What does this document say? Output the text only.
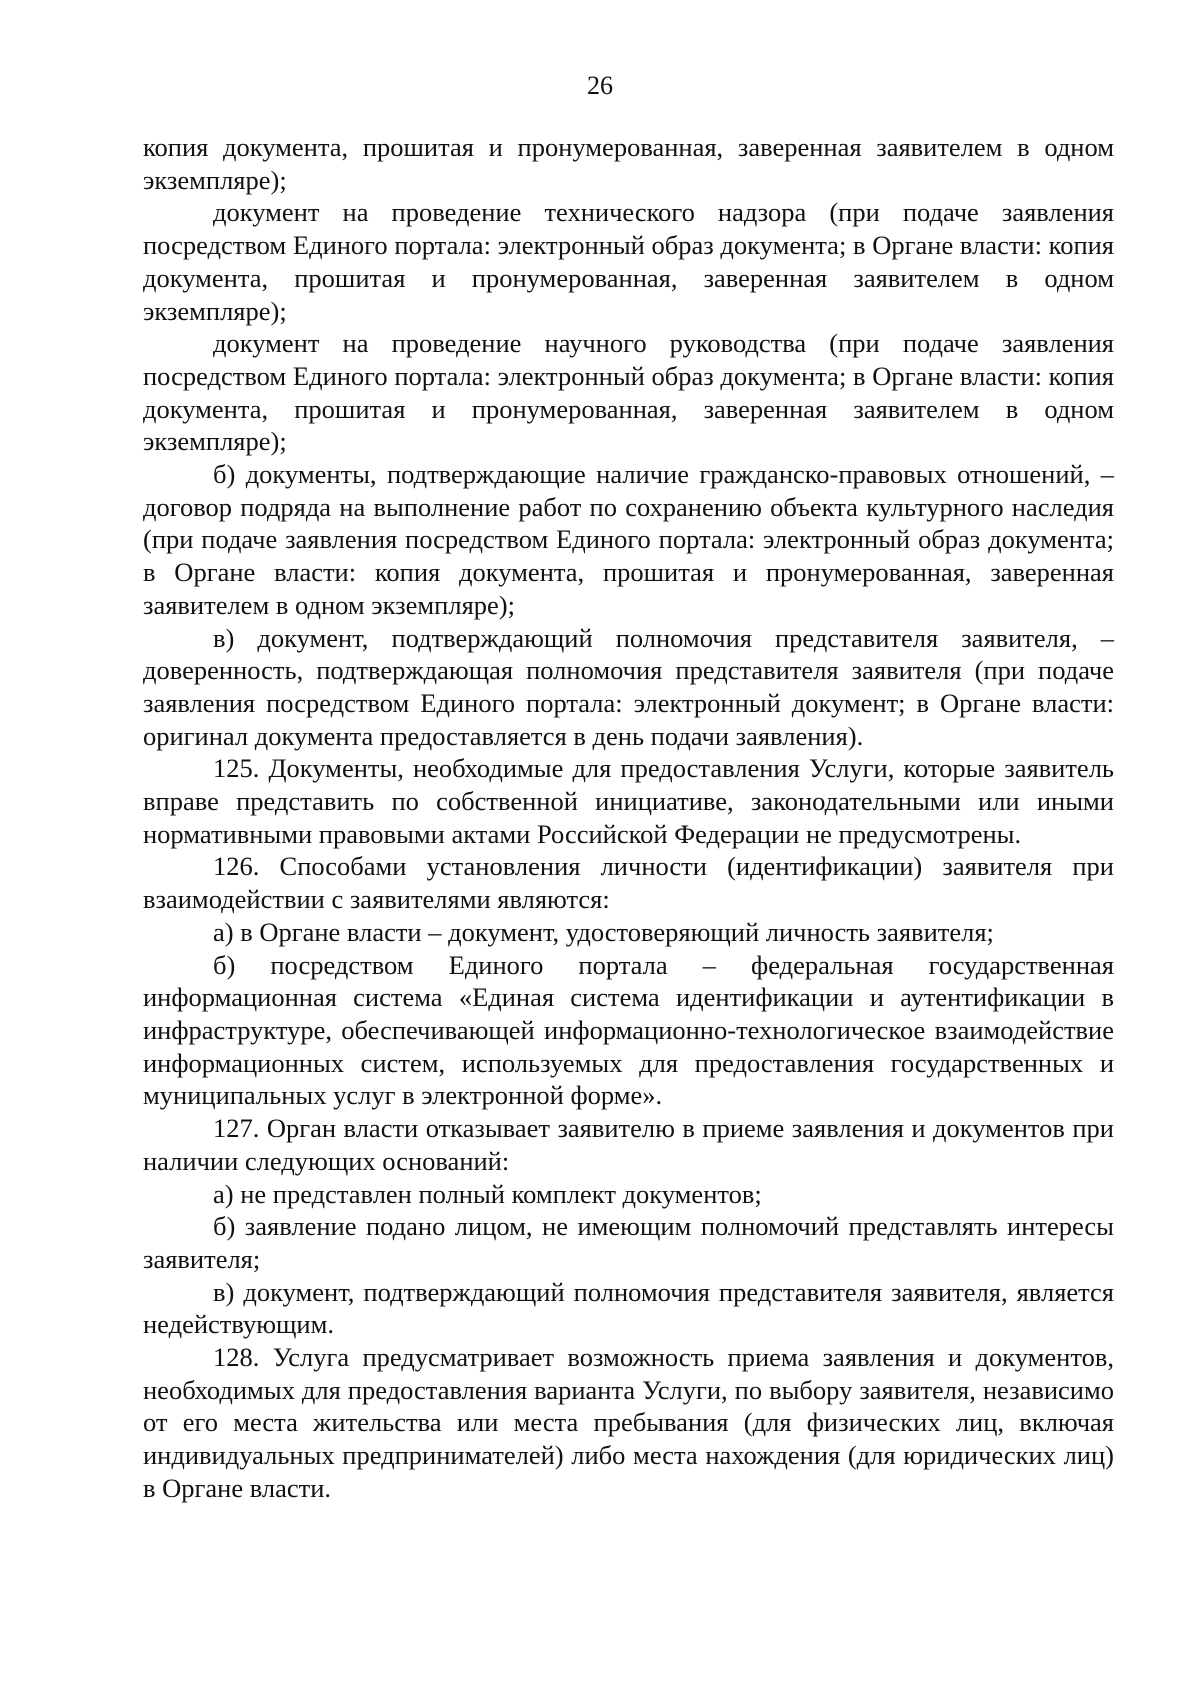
26

копия документа, прошитая и пронумерованная, заверенная заявителем в одном экземпляре);

документ на проведение технического надзора (при подаче заявления посредством Единого портала: электронный образ документа; в Органе власти: копия документа, прошитая и пронумерованная, заверенная заявителем в одном экземпляре);

документ на проведение научного руководства (при подаче заявления посредством Единого портала: электронный образ документа; в Органе власти: копия документа, прошитая и пронумерованная, заверенная заявителем в одном экземпляре);

б) документы, подтверждающие наличие гражданско-правовых отношений, – договор подряда на выполнение работ по сохранению объекта культурного наследия (при подаче заявления посредством Единого портала: электронный образ документа; в Органе власти: копия документа, прошитая и пронумерованная, заверенная заявителем в одном экземпляре);

в) документ, подтверждающий полномочия представителя заявителя, – доверенность, подтверждающая полномочия представителя заявителя (при подаче заявления посредством Единого портала: электронный документ; в Органе власти: оригинал документа предоставляется в день подачи заявления).

125. Документы, необходимые для предоставления Услуги, которые заявитель вправе представить по собственной инициативе, законодательными или иными нормативными правовыми актами Российской Федерации не предусмотрены.

126. Способами установления личности (идентификации) заявителя при взаимодействии с заявителями являются:

а) в Органе власти – документ, удостоверяющий личность заявителя;

б) посредством Единого портала – федеральная государственная информационная система «Единая система идентификации и аутентификации в инфраструктуре, обеспечивающей информационно-технологическое взаимодействие информационных систем, используемых для предоставления государственных и муниципальных услуг в электронной форме».

127. Орган власти отказывает заявителю в приеме заявления и документов при наличии следующих оснований:

а) не представлен полный комплект документов;

б) заявление подано лицом, не имеющим полномочий представлять интересы заявителя;

в) документ, подтверждающий полномочия представителя заявителя, является недействующим.

128. Услуга предусматривает возможность приема заявления и документов, необходимых для предоставления варианта Услуги, по выбору заявителя, независимо от его места жительства или места пребывания (для физических лиц, включая индивидуальных предпринимателей) либо места нахождения (для юридических лиц) в Органе власти.
